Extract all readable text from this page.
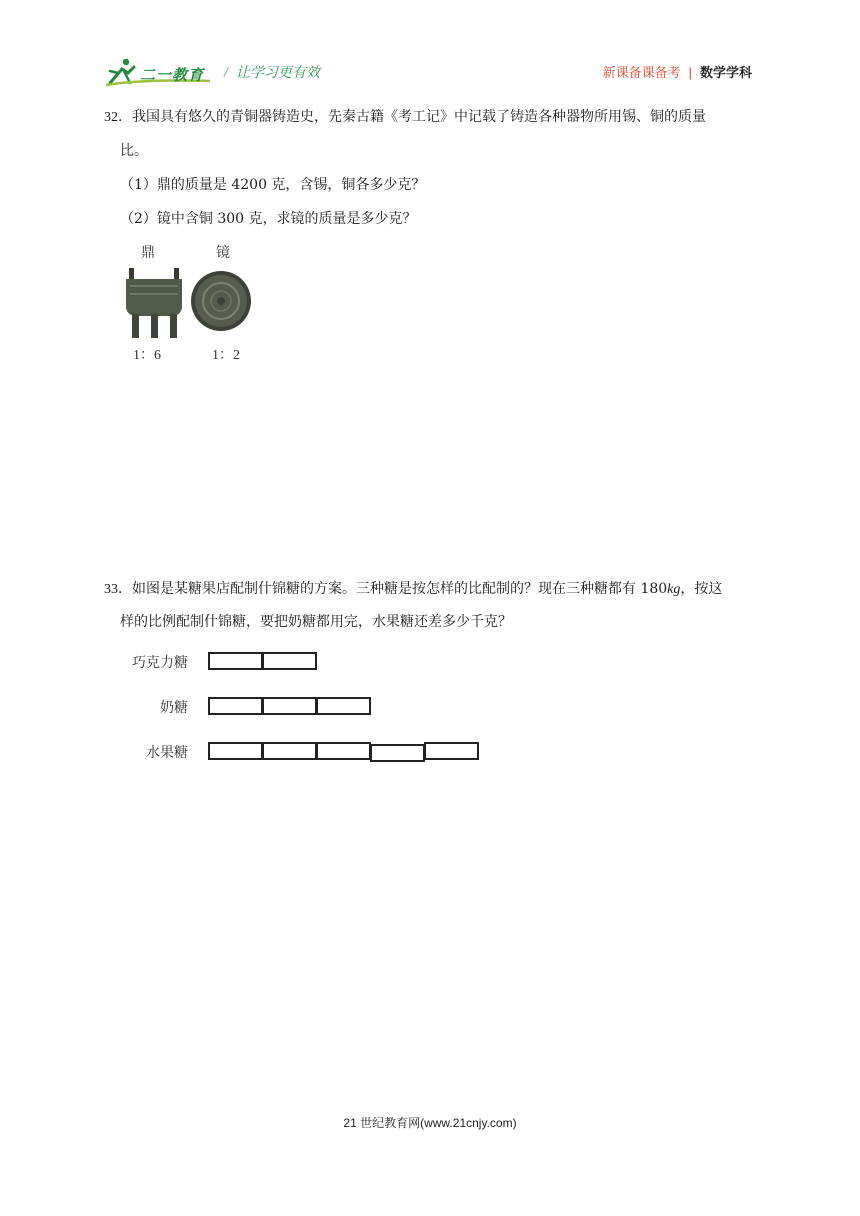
二一教育 / 让学习更有效	新课备课备考 | 数学学科
32．我国具有悠久的青铜器铸造史，先秦古籍《考工记》中记载了铸造各种器物所用锡、铜的质量
比。
（1）鼎的质量是 4200 克，含锡，铜各多少克？
（2）镜中含铜 300 克，求镜的质量是多少克？
鼎	镜
1：6	1：2
33．如图是某糖果店配制什锦糖的方案。三种糖是按怎样的比配制的？现在三种糖都有 180kg，按这
样的比例配制什锦糖，要把奶糖都用完，水果糖还差多少千克？
巧克力糖
奶糖
水果糖
21 世纪教育网(www.21cnjy.com)
